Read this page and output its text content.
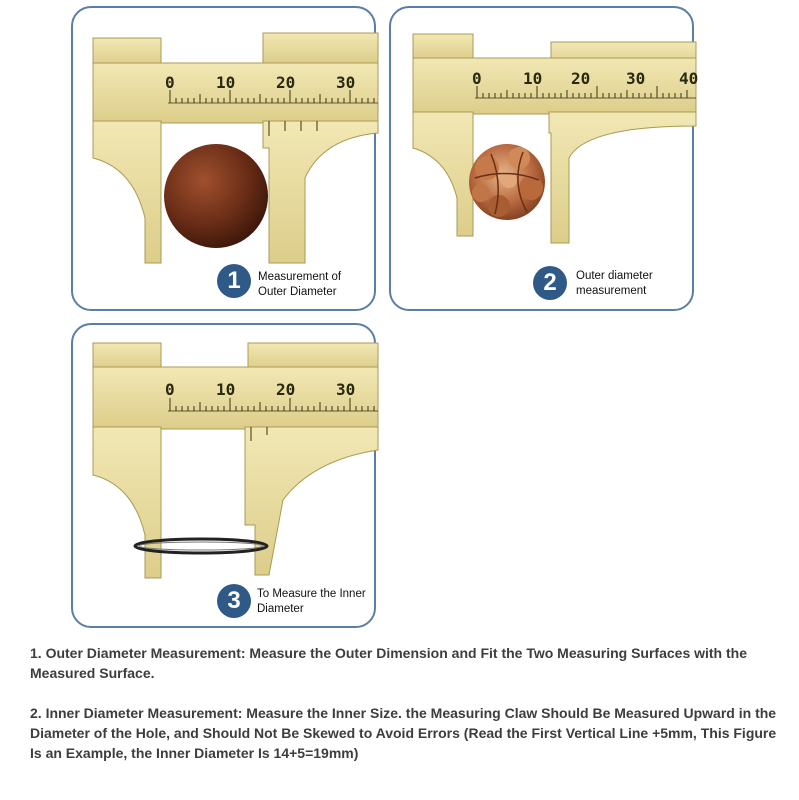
0	10	20	30
1	Measurement of
Outer Diameter
0	10 20 30 40
2	Outer diameter
measurement
0	10	20	30
3	To Measure the Inner
Diameter

1. Outer Diameter Measurement: Measure the Outer Dimension and Fit the Two Measuring Surfaces with the Measured Surface.

2. Inner Diameter Measurement: Measure the Inner Size. the Measuring Claw Should Be Measured Upward in the Diameter of the Hole, and Should Not Be Skewed to Avoid Errors (Read the First Vertical Line +5mm, This Figure Is an Example, the Inner Diameter Is 14+5=19mm)
